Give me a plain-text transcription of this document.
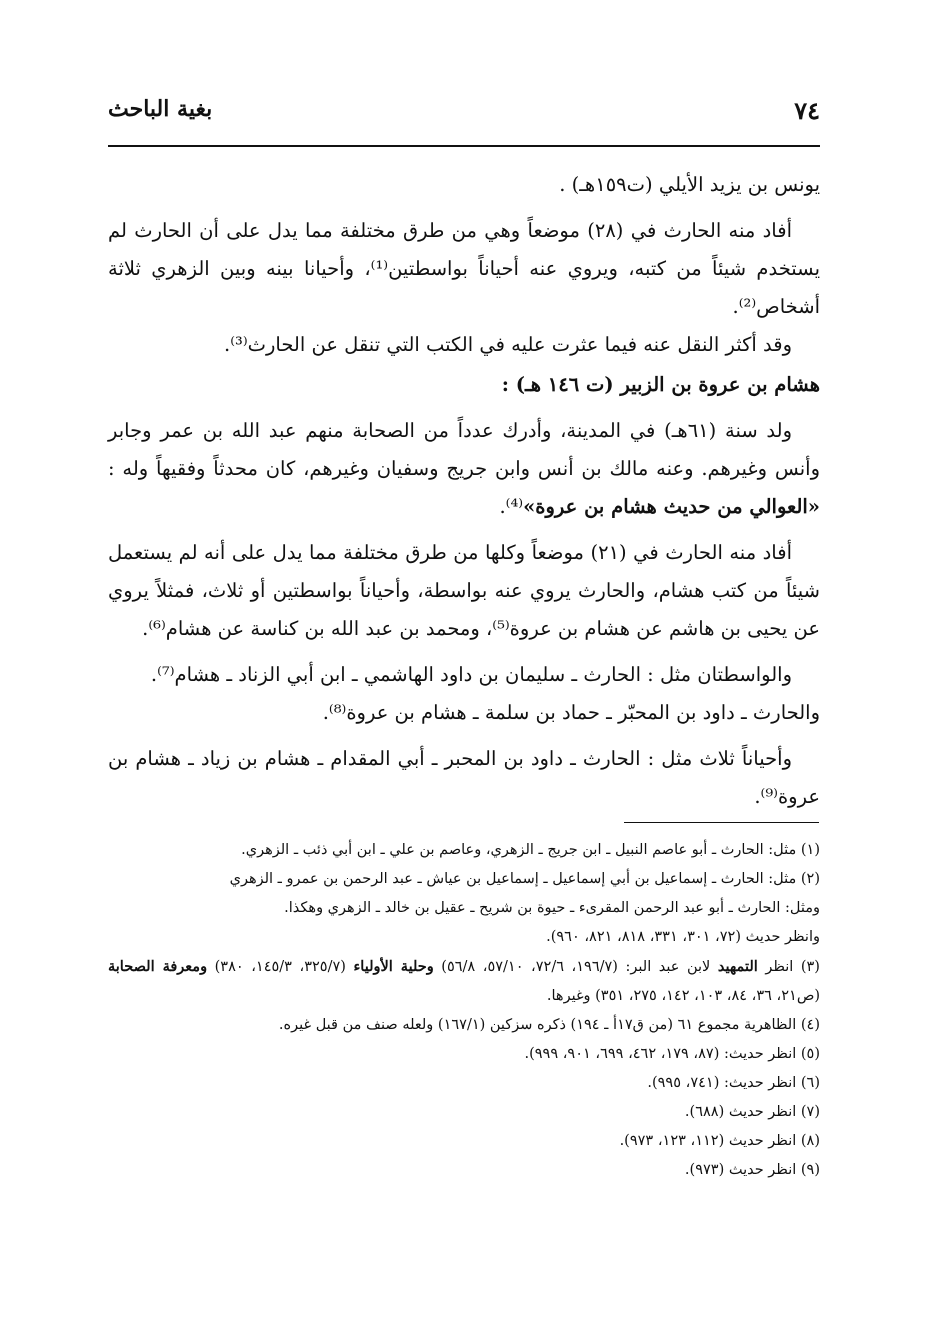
٧٤
بغية الباحث

يونس بن يزيد الأيلي (ت١٥٩هـ) .

أفاد منه الحارث في (٢٨) موضعاً وهي من طرق مختلفة مما يدل على أن الحارث لم يستخدم شيئاً من كتبه، ويروي عنه أحياناً بواسطتين⁽¹⁾، وأحيانا بينه وبين الزهري ثلاثة أشخاص⁽²⁾.

وقد أكثر النقل عنه فيما عثرت عليه في الكتب التي تنقل عن الحارث⁽³⁾.

هشام بن عروة بن الزبير (ت ١٤٦ هـ) :

ولد سنة (٦١هـ) في المدينة، وأدرك عدداً من الصحابة منهم عبد الله بن عمر وجابر وأنس وغيرهم. وعنه مالك بن أنس وابن جريج وسفيان وغيرهم، كان محدثاً وفقيهاً وله : «العوالي من حديث هشام بن عروة»⁽⁴⁾.

أفاد منه الحارث في (٢١) موضعاً وكلها من طرق مختلفة مما يدل على أنه لم يستعمل شيئاً من كتب هشام، والحارث يروي عنه بواسطة، وأحياناً بواسطتين أو ثلاث، فمثلاً يروي عن يحيى بن هاشم عن هشام بن عروة⁽⁵⁾، ومحمد بن عبد الله بن كناسة عن هشام⁽⁶⁾.

والواسطتان مثل : الحارث ـ سليمان بن داود الهاشمي ـ ابن أبي الزناد ـ هشام⁽⁷⁾.

والحارث ـ داود بن المحبّر ـ حماد بن سلمة ـ هشام بن عروة⁽⁸⁾.

وأحياناً ثلاث مثل : الحارث ـ داود بن المحبر ـ أبي المقدام ـ هشام بن زياد ـ هشام بن عروة⁽⁹⁾.

(١) مثل: الحارث ـ أبو عاصم النبيل ـ ابن جريج ـ الزهري، وعاصم بن علي ـ ابن أبي ذئب ـ الزهري.

(٢) مثل: الحارث ـ إسماعيل بن أبي إسماعيل ـ إسماعيل بن عياش ـ عبد الرحمن بن عمرو ـ الزهري

ومثل: الحارث ـ أبو عبد الرحمن المقرىء ـ حيوة بن شريح ـ عقيل بن خالد ـ الزهري وهكذا.

وانظر حديث (٧٢، ٣٠١، ٣٣١، ٨١٨، ٨٢١، ٩٦٠).

(٣) انظر التمهيد لابن عبد البر: (١٩٦/٧، ٧٢/٦، ٥٧/١٠، ٥٦/٨) وحلية الأولياء (٣٢٥/٧، ١٤٥/٣، ٣٨٠) ومعرفة الصحابة (ص٢١، ٣٦، ٨٤، ١٠٣، ١٤٢، ٢٧٥، ٣٥١) وغيرها.

(٤) الظاهرية مجموع ٦١ (من ق١٧أ ـ ١٩٤) ذكره سزكين (١٦٧/١) ولعله صنف من قبل غيره.

(٥) انظر حديث: (٨٧، ١٧٩، ٤٦٢، ٦٩٩، ٩٠١، ٩٩٩).

(٦) انظر حديث: (٧٤١، ٩٩٥).

(٧) انظر حديث (٦٨٨).

(٨) انظر حديث (١١٢، ١٢٣، ٩٧٣).

(٩) انظر حديث (٩٧٣).
